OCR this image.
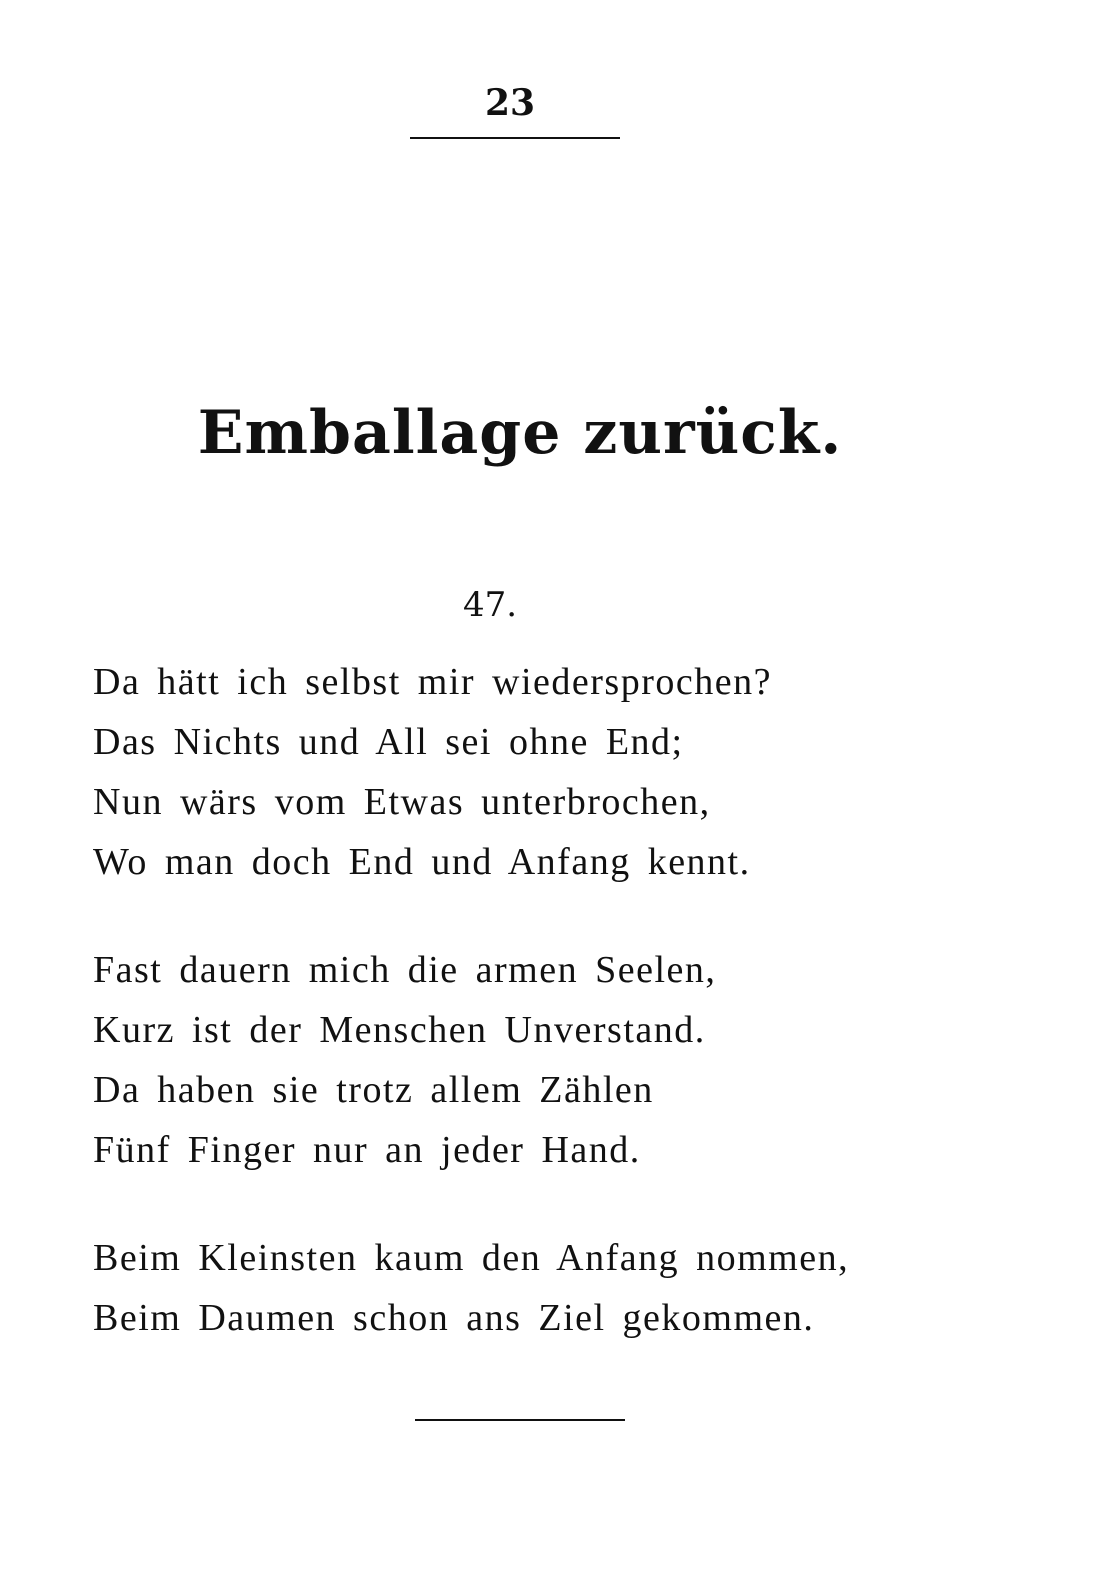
23
Emballage zurück.
47.
Da hätt ich selbst mir wiedersprochen?
Das Nichts und All sei ohne End;
Nun wärs vom Etwas unterbrochen,
Wo man doch End und Anfang kennt.
Fast dauern mich die armen Seelen,
Kurz ist der Menschen Unverstand.
Da haben sie trotz allem Zählen
Fünf Finger nur an jeder Hand.
Beim Kleinsten kaum den Anfang nommen,
Beim Daumen schon ans Ziel gekommen.
